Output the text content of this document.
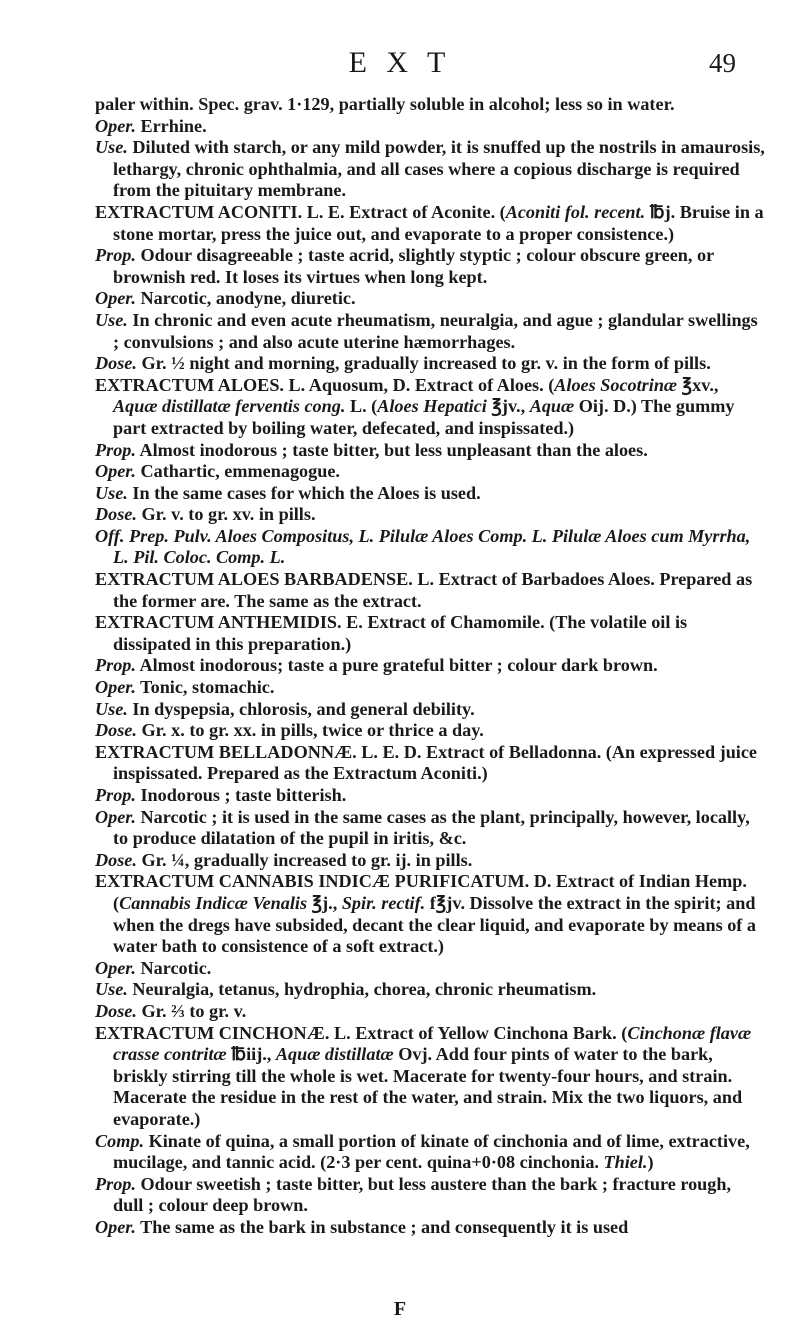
E X T	49

paler within. Spec. grav. 1·129, partially soluble in alcohol; less so in water.

Oper. Errhine.

Use. Diluted with starch, or any mild powder, it is snuffed up the nostrils in amaurosis, lethargy, chronic ophthalmia, and all cases where a copious discharge is required from the pituitary membrane.

EXTRACTUM ACONITI. L. E. Extract of Aconite. (Aconiti fol. recent. ℔j. Bruise in a stone mortar, press the juice out, and evaporate to a proper consistence.)

Prop. Odour disagreeable ; taste acrid, slightly styptic ; colour obscure green, or brownish red. It loses its virtues when long kept.

Oper. Narcotic, anodyne, diuretic.

Use. In chronic and even acute rheumatism, neuralgia, and ague ; glandular swellings ; convulsions ; and also acute uterine hæmorrhages.

Dose. Gr. ½ night and morning, gradually increased to gr. v. in the form of pills.

EXTRACTUM ALOES. L. Aquosum, D. Extract of Aloes. (Aloes Socotrinæ ℥xv., Aquæ distillatæ ferventis cong. L. (Aloes Hepatici ℥jv., Aquæ Oij. D.) The gummy part extracted by boiling water, defecated, and inspissated.)

Prop. Almost inodorous ; taste bitter, but less unpleasant than the aloes.

Oper. Cathartic, emmenagogue.

Use. In the same cases for which the Aloes is used.

Dose. Gr. v. to gr. xv. in pills.

Off. Prep. Pulv. Aloes Compositus, L. Pilulæ Aloes Comp. L. Pilulæ Aloes cum Myrrha, L. Pil. Coloc. Comp. L.

EXTRACTUM ALOES BARBADENSE. L. Extract of Barbadoes Aloes. Prepared as the former are. The same as the extract.

EXTRACTUM ANTHEMIDIS. E. Extract of Chamomile. (The volatile oil is dissipated in this preparation.)

Prop. Almost inodorous; taste a pure grateful bitter ; colour dark brown.

Oper. Tonic, stomachic.

Use. In dyspepsia, chlorosis, and general debility.

Dose. Gr. x. to gr. xx. in pills, twice or thrice a day.

EXTRACTUM BELLADONNÆ. L. E. D. Extract of Belladonna. (An expressed juice inspissated. Prepared as the Extractum Aconiti.)

Prop. Inodorous ; taste bitterish.

Oper. Narcotic ; it is used in the same cases as the plant, principally, however, locally, to produce dilatation of the pupil in iritis, &c.

Dose. Gr. ¼, gradually increased to gr. ij. in pills.

EXTRACTUM CANNABIS INDICÆ PURIFICATUM. D. Extract of Indian Hemp. (Cannabis Indicæ Venalis ℥j., Spir. rectif. f℥jv. Dissolve the extract in the spirit; and when the dregs have subsided, decant the clear liquid, and evaporate by means of a water bath to consistence of a soft extract.)

Oper. Narcotic.

Use. Neuralgia, tetanus, hydrophia, chorea, chronic rheumatism.

Dose. Gr. ⅔ to gr. v.

EXTRACTUM CINCHONÆ. L. Extract of Yellow Cinchona Bark. (Cinchonæ flavæ crasse contritæ ℔iij., Aquæ distillatæ Ovj. Add four pints of water to the bark, briskly stirring till the whole is wet. Macerate for twenty-four hours, and strain. Macerate the residue in the rest of the water, and strain. Mix the two liquors, and evaporate.)

Comp. Kinate of quina, a small portion of kinate of cinchonia and of lime, extractive, mucilage, and tannic acid. (2·3 per cent. quina+0·08 cinchonia. Thiel.)

Prop. Odour sweetish ; taste bitter, but less austere than the bark ; fracture rough, dull ; colour deep brown.

Oper. The same as the bark in substance ; and consequently it is used

F
